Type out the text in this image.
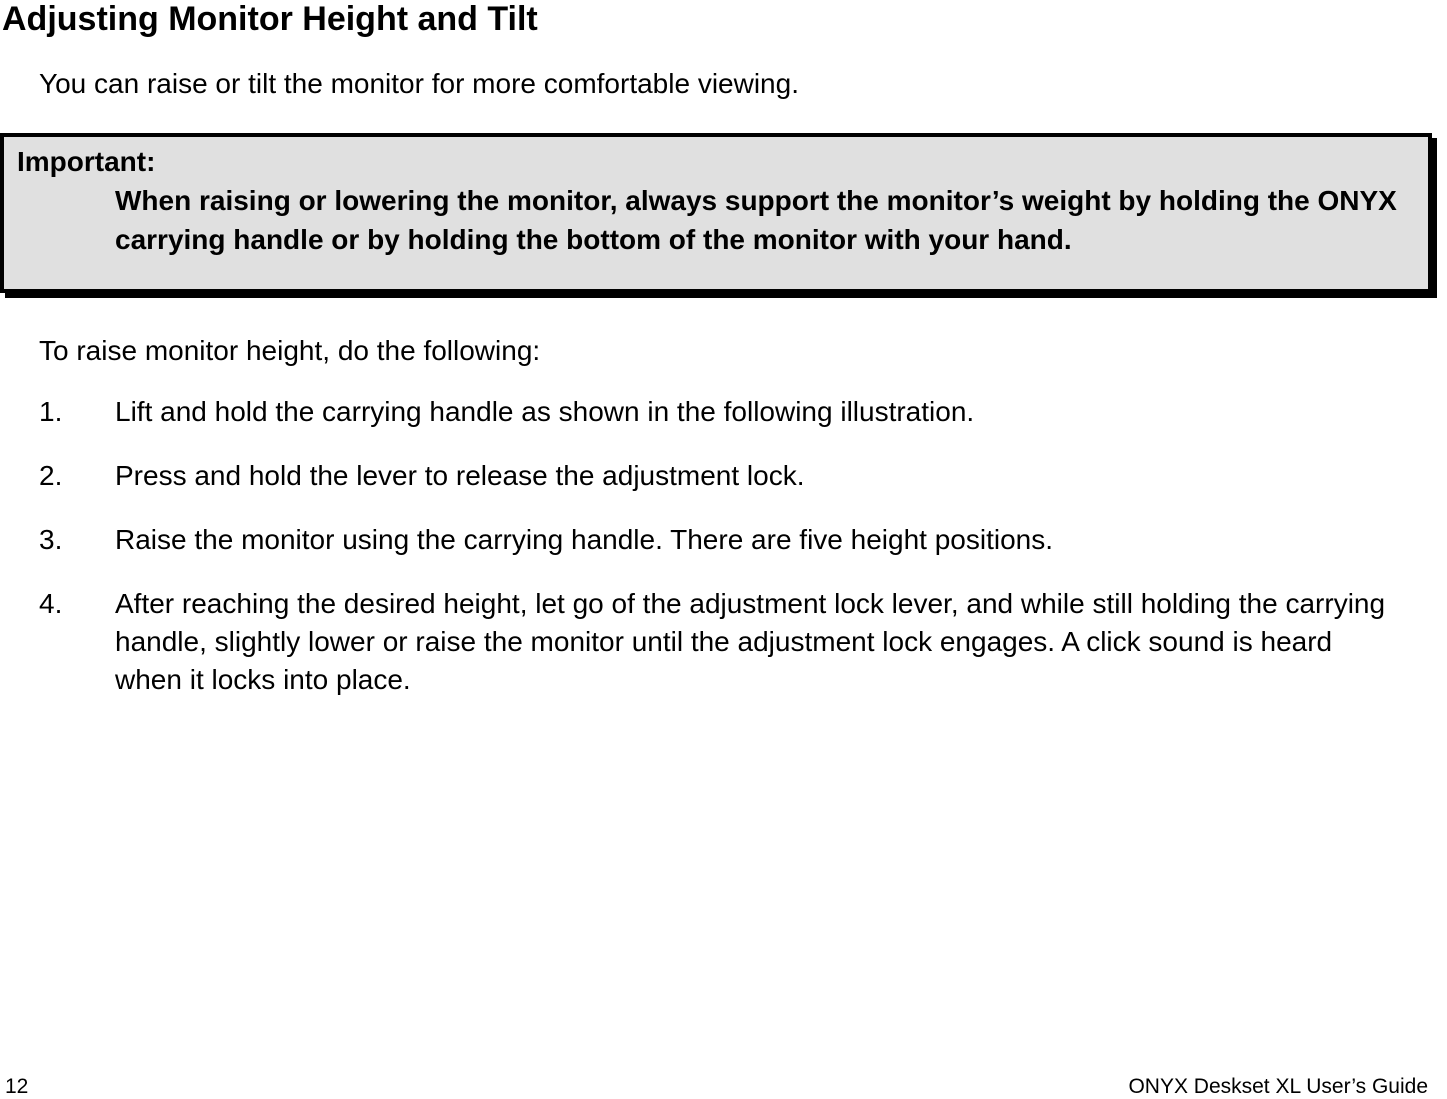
Adjusting Monitor Height and Tilt

You can raise or tilt the monitor for more comfortable viewing.

Important:
When raising or lowering the monitor, always support the monitor’s weight by holding the ONYX carrying handle or by holding the bottom of the monitor with your hand.

To raise monitor height, do the following:

1.	Lift and hold the carrying handle as shown in the following illustration.
2.	Press and hold the lever to release the adjustment lock.
3.	Raise the monitor using the carrying handle. There are five height positions.
4.	After reaching the desired height, let go of the adjustment lock lever, and while still holding the carrying handle, slightly lower or raise the monitor until the adjustment lock engages. A click sound is heard when it locks into place.
12	ONYX Deskset XL User’s Guide
